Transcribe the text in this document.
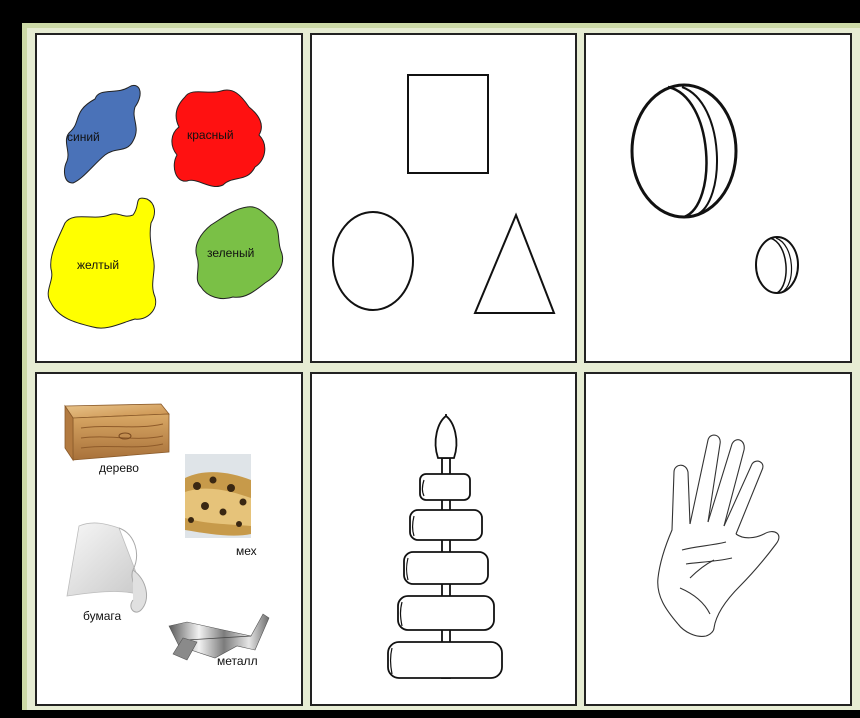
синий	красный
желтый
зеленый
дерево
мех
бумага
металл
